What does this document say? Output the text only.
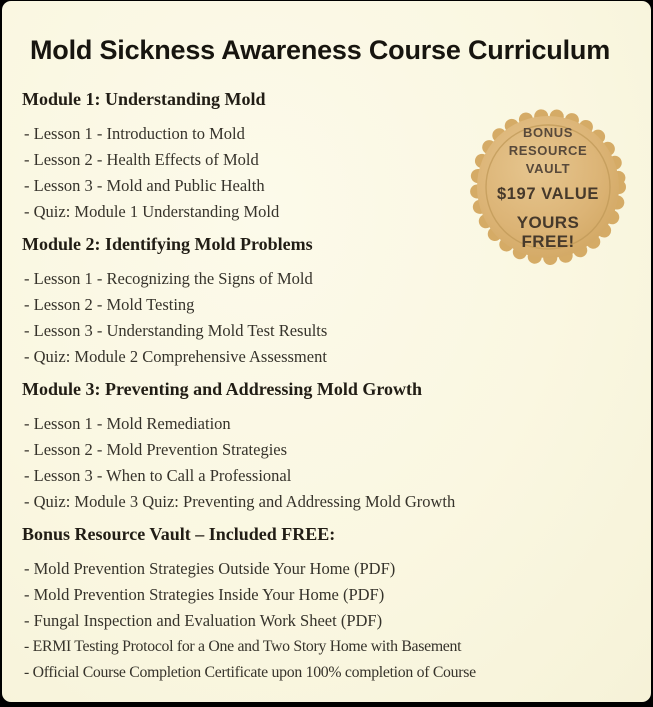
Mold Sickness Awareness Course Curriculum
Module 1: Understanding Mold
- Lesson 1 - Introduction to Mold
- Lesson 2 - Health Effects of Mold
- Lesson 3 - Mold and Public Health
- Quiz: Module 1 Understanding Mold
Module 2: Identifying Mold Problems
- Lesson 1 - Recognizing the Signs of Mold
- Lesson 2 - Mold Testing
- Lesson 3 - Understanding Mold Test Results
- Quiz: Module 2 Comprehensive Assessment
Module 3: Preventing and Addressing Mold Growth
- Lesson 1 - Mold Remediation
- Lesson 2 - Mold Prevention Strategies
- Lesson 3 - When to Call a Professional
- Quiz: Module 3 Quiz: Preventing and Addressing Mold Growth
Bonus Resource Vault – Included FREE:
- Mold Prevention Strategies Outside Your Home (PDF)
- Mold Prevention Strategies Inside Your Home (PDF)
- Fungal Inspection and Evaluation Work Sheet (PDF)
- ERMI Testing Protocol for a One and Two Story Home with Basement
- Official Course Completion Certificate upon 100% completion of Course
BONUS
RESOURCE
VAULT
$197 VALUE
YOURS
FREE!
